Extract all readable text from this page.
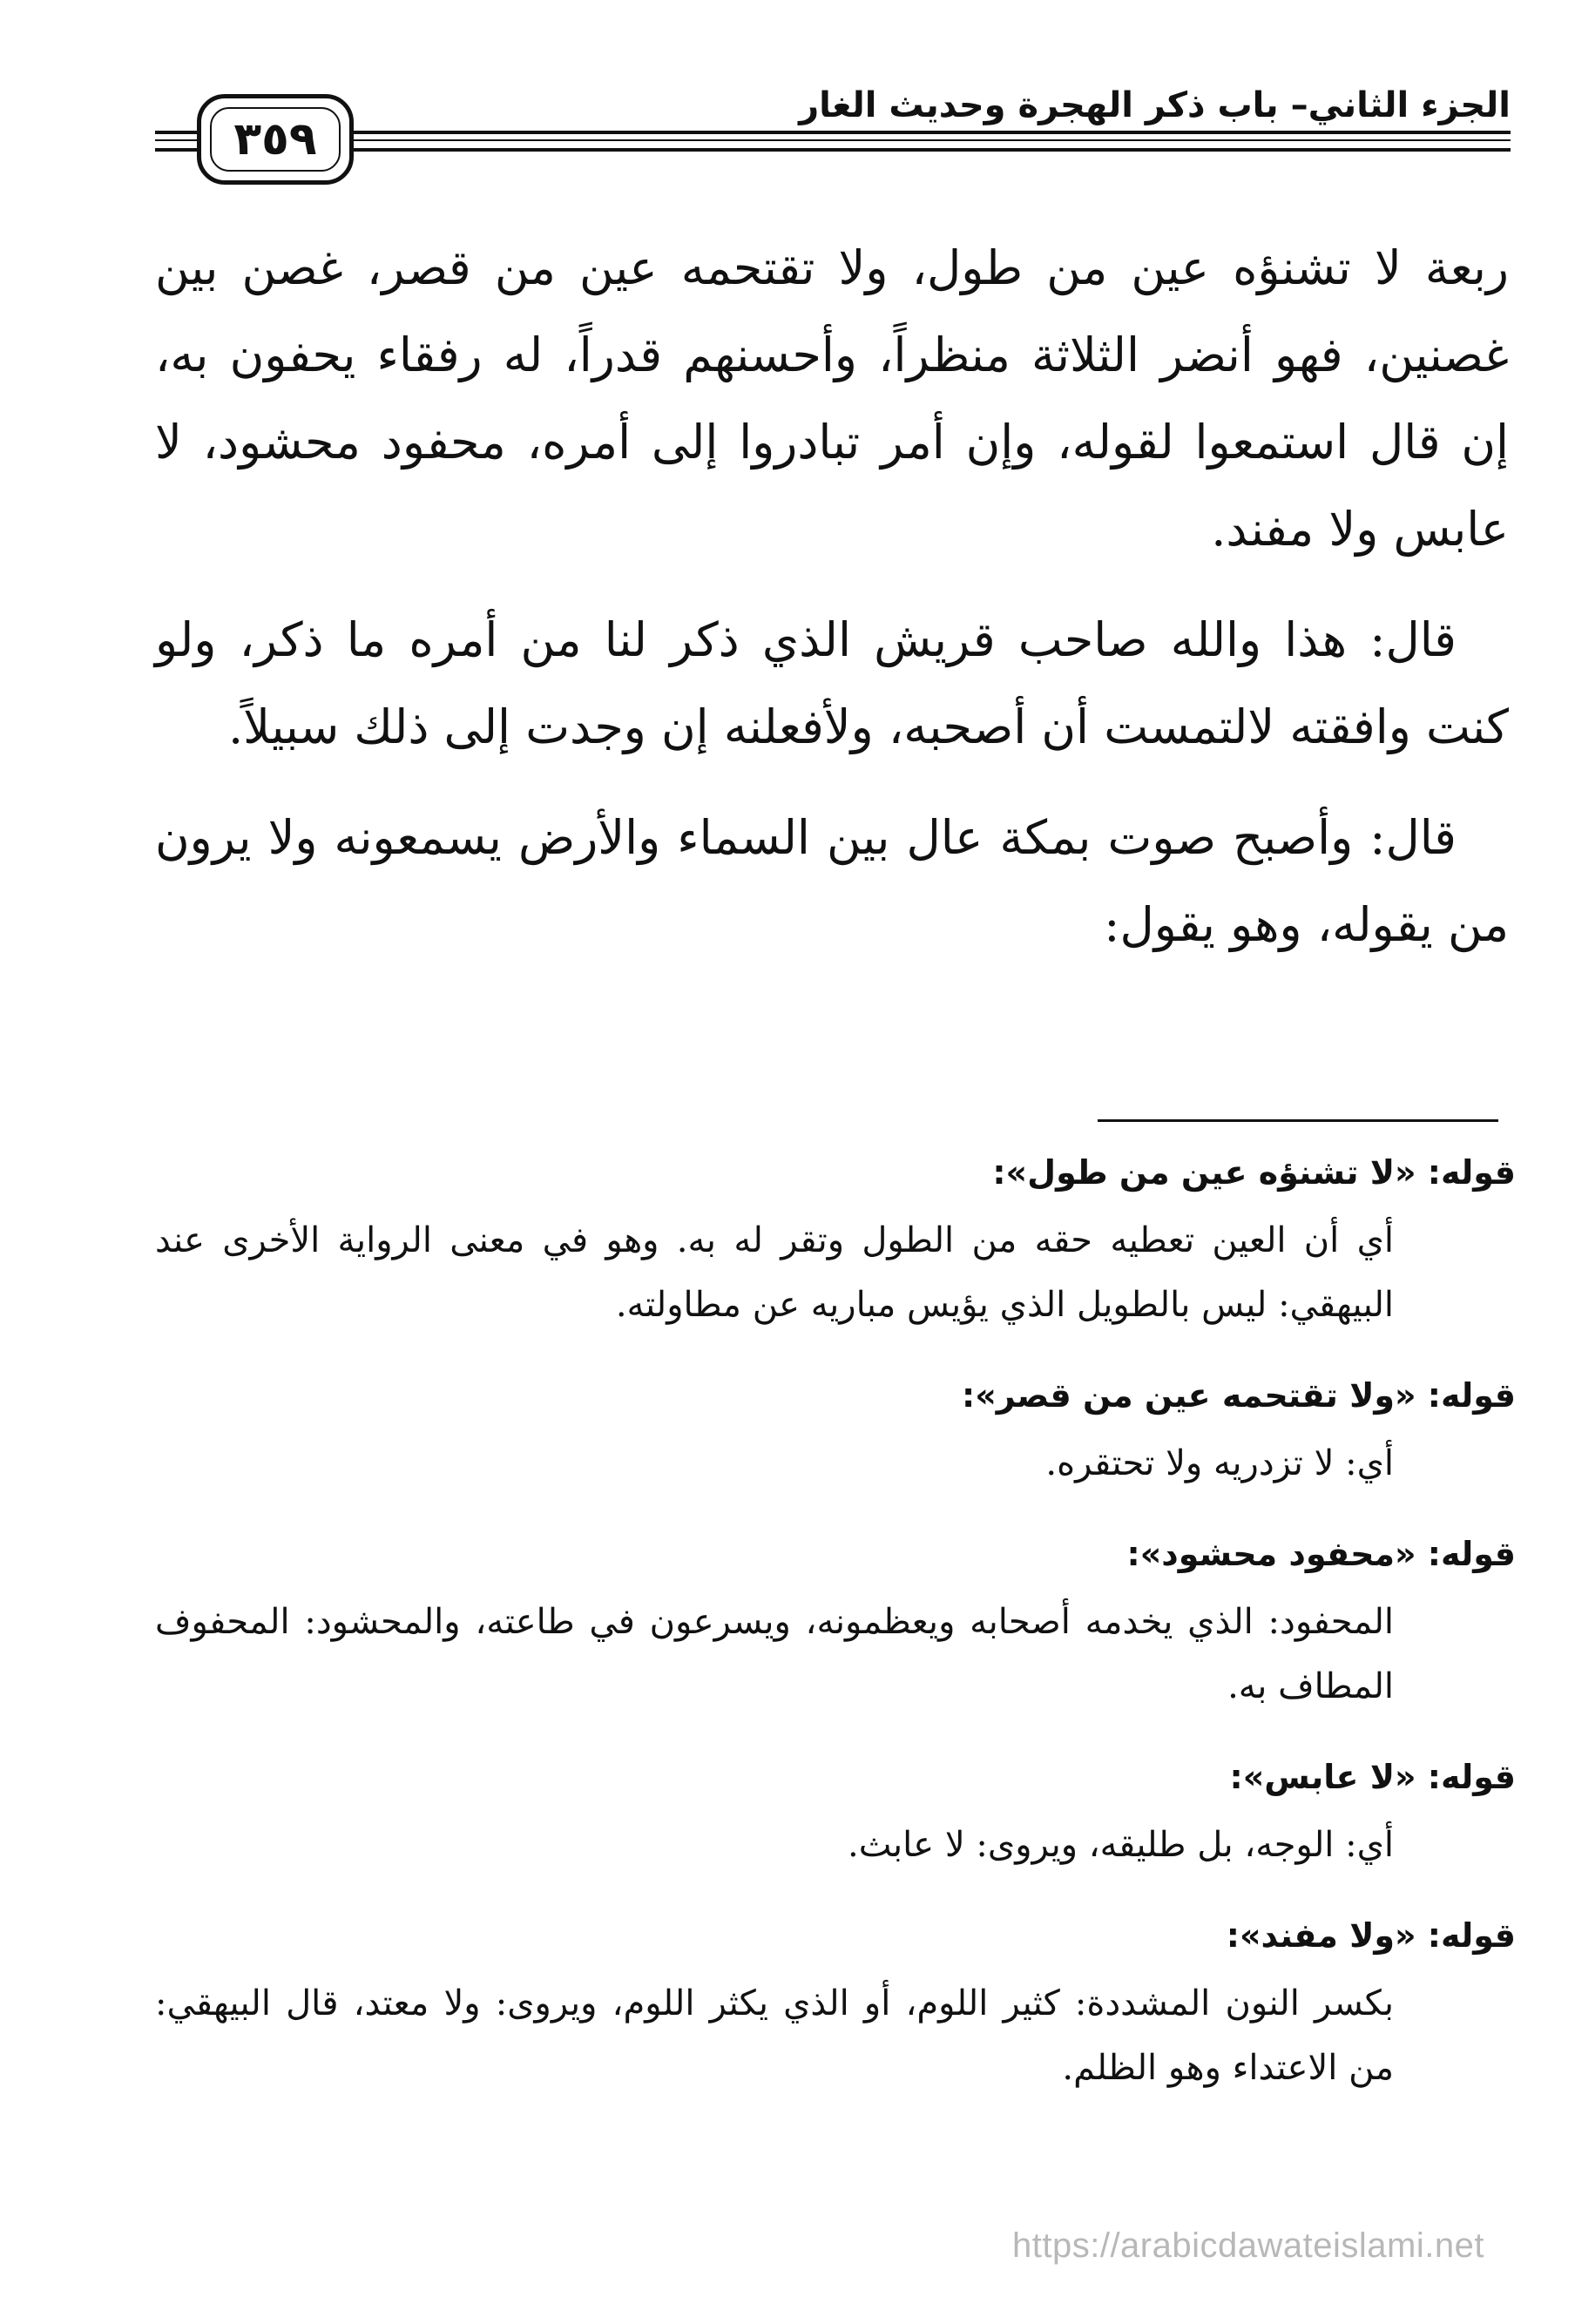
الجزء الثاني– باب ذكر الهجرة وحديث الغار
٣٥٩

ربعة لا تشنؤه عين من طول، ولا تقتحمه عين من قصر، غصن بين غصنين، فهو أنضر الثلاثة منظراً، وأحسنهم قدراً، له رفقاء يحفون به، إن قال استمعوا لقوله، وإن أمر تبادروا إلى أمره، محفود محشود، لا عابس ولا مفند.

قال: هذا والله صاحب قريش الذي ذكر لنا من أمره ما ذكر، ولو كنت وافقته لالتمست أن أصحبه، ولأفعلنه إن وجدت إلى ذلك سبيلاً.

قال: وأصبح صوت بمكة عال بين السماء والأرض يسمعونه ولا يرون من يقوله، وهو يقول:

قوله: «لا تشنؤه عين من طول»:
أي أن العين تعطيه حقه من الطول وتقر له به. وهو في معنى الرواية الأخرى عند البيهقي: ليس بالطويل الذي يؤيس مباريه عن مطاولته.
قوله: «ولا تقتحمه عين من قصر»:
أي: لا تزدريه ولا تحتقره.
قوله: «محفود محشود»:
المحفود: الذي يخدمه أصحابه ويعظمونه، ويسرعون في طاعته، والمحشود: المحفوف المطاف به.
قوله: «لا عابس»:
أي: الوجه، بل طليقه، ويروى: لا عابث.
قوله: «ولا مفند»:
بكسر النون المشددة: كثير اللوم، أو الذي يكثر اللوم، ويروى: ولا معتد، قال البيهقي: من الاعتداء وهو الظلم.
https://arabicdawateislami.net
